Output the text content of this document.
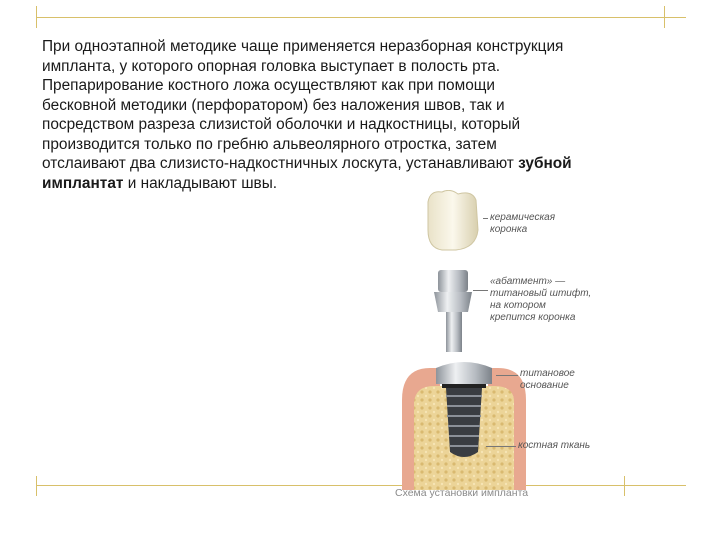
При одноэтапной методике чаще применяется неразборная конструкция
импланта, у которого опорная головка выступает в полость рта.
Препарирование костного ложа осуществляют как при помощи
бесковной методики (перфоратором) без наложения швов, так и
посредством разреза слизистой оболочки и надкостницы, который
производится только по гребню альвеолярного отростка, затем
отслаивают два слизисто-надкостничных лоскута, устанавливают зубной
имплантат и накладывают швы.

керамическая
коронка
«абатмент» —
титановый штифт,
на котором
крепится коронка
титановое
основание
костная ткань
Схема установки импланта
